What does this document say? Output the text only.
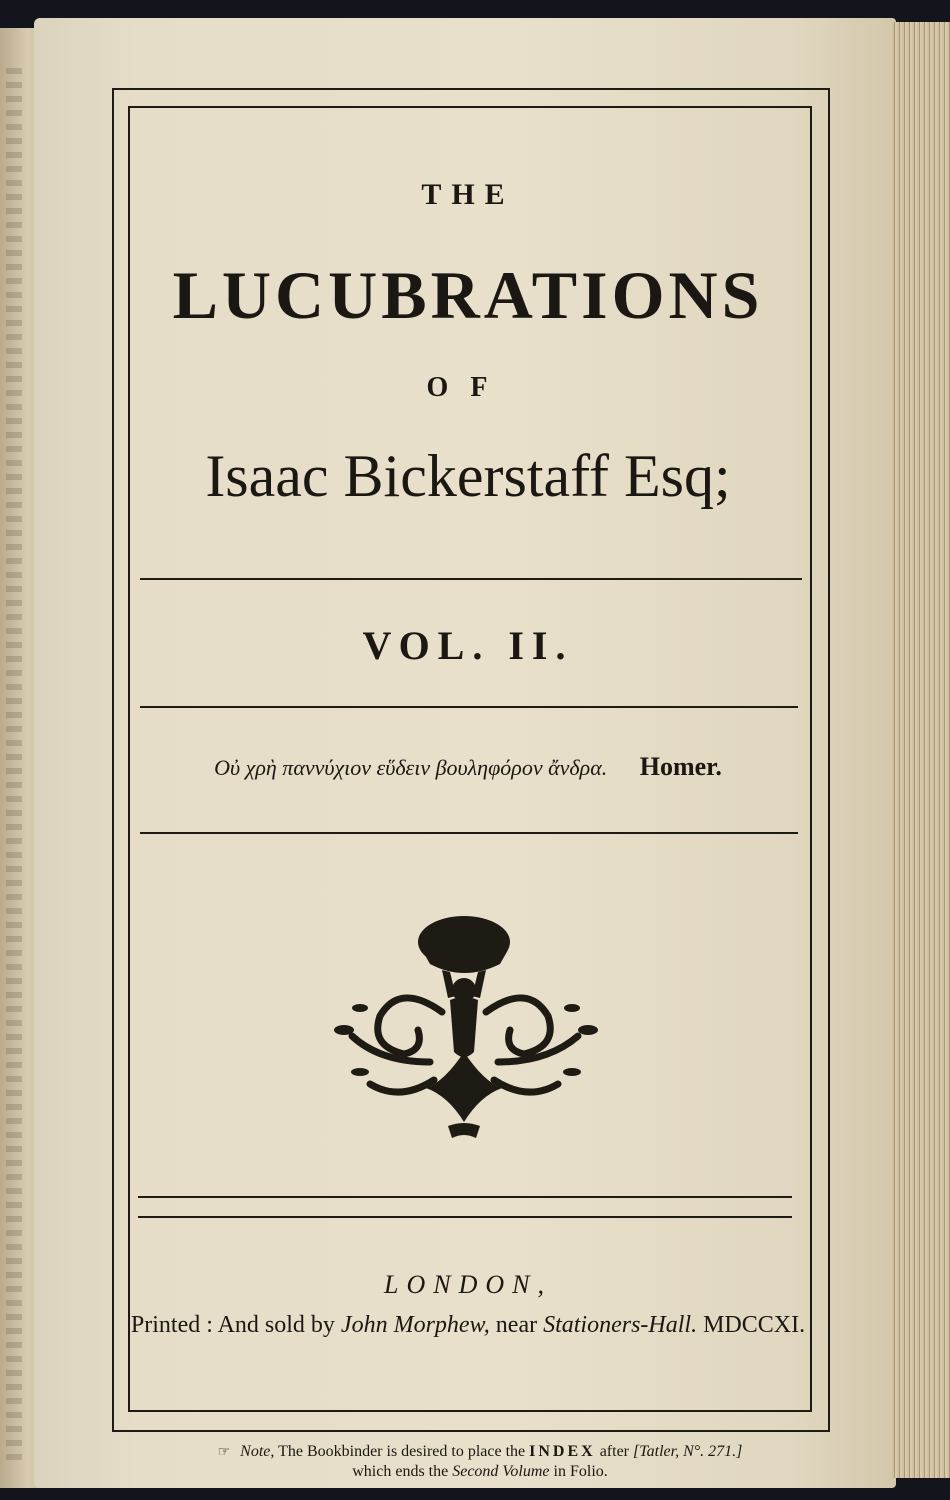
THE

LUCUBRATIONS

OF

Isaac Bickerstaff Esq;

VOL. II.

Οὐ χρὴ παννύχιον εὕδειν βουληφόρον ἄνδρα. Homer.

LONDON,

Printed : And sold by John Morphew, near Stationers-Hall. MDCCXI.

☞ Note, The Bookbinder is desired to place the INDEX after [Tatler, N°. 271.]
which ends the Second Volume in Folio.
